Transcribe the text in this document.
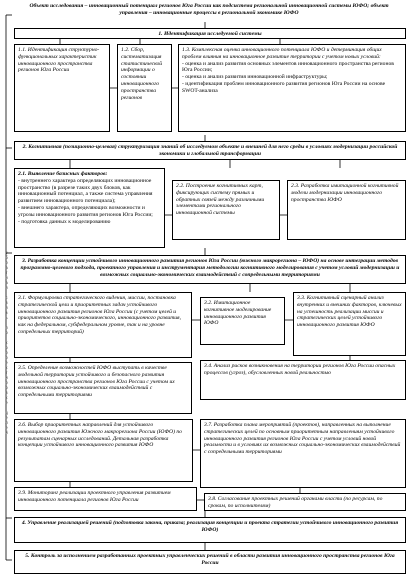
обратная связь по корректировке целей
Объект исследования – инновационный потенциал регионов Юга России как подсистема региональной инновационной системы ЮФО; объект управления – инновационные процессы в региональной экономике ЮФО
1. Идентификация исследуемой системы
1.1. Идентификация структурно-функциональных характеристик инновационного пространства регионов Юга России
1.2. Сбор, систематизация статистической информации о состоянии инновационного пространства регионов
1.3. Комплексная оценка инновационного потенциала ЮФО и детерминация общих проблем влияния на инновационное развитие территории с учетом новых условий:
- оценка и анализ развития основных элементов инновационного пространства регионов Юга России;
- оценка и анализ развития инновационной инфраструктуры;
- идентификация проблем инновационного развития регионов Юга России на основе SWOT-анализа
2. Когнитивная (позиционно-целевая) структуризация знаний об исследуемом объекте и внешней для него среды в условиях модернизации российской экономики и глобальной трансформации
2.1. Выявление базисных факторов:
- внутреннего характера определяющих инновационное пространство (в разрезе таких двух блоков, как инновационный потенциал, а также система управления развитием инновационного потенциала);
- внешнего характера, определяющих возможности и угрозы инновационного развития регионов Юга России;
- подготовка данных к моделированию
2.2. Построение когнитивных карт, фиксирующих систему прямых и обратных связей между различными элементами регионального инновационной системы
2.3. Разработка имитационной когнитивной модели модернизации инновационного пространства ЮФО
3. Разработка концепции устойчивого инновационного развития регионов Юга России (южного макрорегиона – ЮФО) на основе интеграции методов программно-целевого подхода, проектного управления и инструментария методологии когнитивного моделирования с учетом условий модернизации и возможных социально-экономических взаимодействий с сопредельными территориями
3.1. Формулировка стратегического видения, миссии, постановка стратегической цели и приоритетных задач устойчивого инновационного развития регионов Юга России (с учетом целей и приоритетов социально-экономического, инновационного развития, как на федеральном, субфедеральном уровне, так и на уровне сопредельных территорий)
3.2. Имитационное когнитивное моделирование инновационного развития ЮФО
3.3. Когнитивный сценарный анализ внутренних и внешних факторов, ключевых на успешность реализации миссии и стратегических целей устойчивого инновационного развития ЮФО
3.5. Определение возможностей ЮФО выступать в качестве модельной территории устойчивого и безопасного развития инновационного пространства регионов Юга России с учетом их возможных социально-экономических взаимодействий с сопредельными территориями
3.4. Анализ рисков возникновения на территории регионов Юга России опасных процессов (угроз), обусловленных новой реальностью
3.6. Выбор приоритетных направлений для устойчивого инновационного развития Южного макрорегиона России (ЮФО) по результатам сценарных исследований. Детальная разработка концепции устойчивого инновационного развития ЮФО
3.7. Разработка плана мероприятий (проектов), направленных на выполнение стратегических целей по основным приоритетным направлениям устойчивого инновационного развития регионов Юга России с учетом условий новой реальности и в условиях их возможных социально-экономических взаимодействий с сопредельными территориями
3.9. Мониторинг реализации проектного управления развитием инновационного потенциала регионов Юга России	3.8. Согласование проектных решений органами власти (по ресурсам, по срокам, по исполнителям)
4. Управление реализацией решений (подготовка закона, приказа; реализация концепции и проекта стратегии устойчивого инновационного развития ЮФО)
5. Контроль за исполнением разработанных проектных управленческих решений в области развития инновационного пространства регионов Юга России
